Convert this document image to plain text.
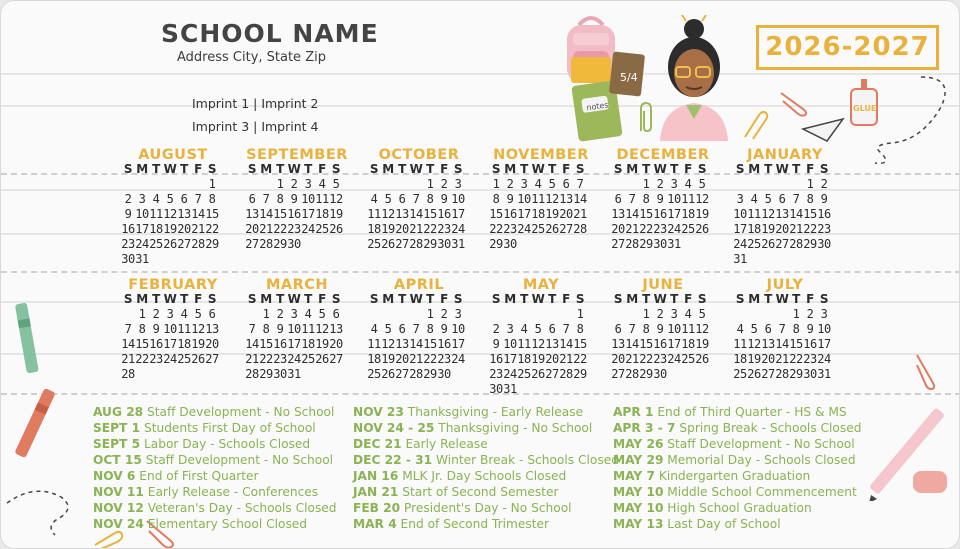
SCHOOL NAME
Address City, State Zip
Imprint 1 | Imprint 2
Imprint 3 | Imprint 4
2026-2027
notes
5/4
GLUE
AUGUST
S M T W T F S
1
2 3 4 5 6 7 8
9 10 11 12 13 14 15
16 17 18 19 20 21 22
23 24 25 26 27 28 29
30 31
SEPTEMBER
S M T W T F S
1 2 3 4 5
6 7 8 9 10 11 12
13 14 15 16 17 18 19
20 21 22 23 24 25 26
27 28 29 30
OCTOBER
S M T W T F S
1 2 3
4 5 6 7 8 9 10
11 12 13 14 15 16 17
18 19 20 21 22 23 24
25 26 27 28 29 30 31
NOVEMBER
S M T W T F S
1 2 3 4 5 6 7
8 9 10 11 12 13 14
15 16 17 18 19 20 21
22 23 24 25 26 27 28
29 30
DECEMBER
S M T W T F S
1 2 3 4 5
6 7 8 9 10 11 12
13 14 15 16 17 18 19
20 21 22 23 24 25 26
27 28 29 30 31
JANUARY
S M T W T F S
1 2
3 4 5 6 7 8 9
10 11 12 13 14 15 16
17 18 19 20 21 22 23
24 25 26 27 28 29 30
31
FEBRUARY
S M T W T F S
1 2 3 4 5 6
7 8 9 10 11 12 13
14 15 16 17 18 19 20
21 22 23 24 25 26 27
28
MARCH
S M T W T F S
1 2 3 4 5 6
7 8 9 10 11 12 13
14 15 16 17 18 19 20
21 22 23 24 25 26 27
28 29 30 31
APRIL
S M T W T F S
1 2 3
4 5 6 7 8 9 10
11 12 13 14 15 16 17
18 19 20 21 22 23 24
25 26 27 28 29 30
MAY
S M T W T F S
1
2 3 4 5 6 7 8
9 10 11 12 13 14 15
16 17 18 19 20 21 22
23 24 25 26 27 28 29
30 31
JUNE
S M T W T F S
1 2 3 4 5
6 7 8 9 10 11 12
13 14 15 16 17 18 19
20 21 22 23 24 25 26
27 28 29 30
JULY
S M T W T F S
1 2 3
4 5 6 7 8 9 10
11 12 13 14 15 16 17
18 19 20 21 22 23 24
25 26 27 28 29 30 31
AUG 28 Staff Development - No School
SEPT 1 Students First Day of School
SEPT 5 Labor Day - Schools Closed
OCT 15 Staff Development - No School
NOV 6 End of First Quarter
NOV 11 Early Release - Conferences
NOV 12 Veteran's Day - Schools Closed
NOV 24 Elementary School Closed
NOV 23 Thanksgiving - Early Release
NOV 24 - 25 Thanksgiving - No School
DEC 21 Early Release
DEC 22 - 31 Winter Break - Schools Closed
JAN 16 MLK Jr. Day Schools Closed
JAN 21 Start of Second Semester
FEB 20 President's Day - No School
MAR 4 End of Second Trimester
APR 1 End of Third Quarter - HS & MS
APR 3 - 7 Spring Break - Schools Closed
MAY 26 Staff Development - No School
MAY 29 Memorial Day - Schools Closed
MAY 7 Kindergarten Graduation
MAY 10 Middle School Commencement
MAY 10 High School Graduation
MAY 13 Last Day of School
